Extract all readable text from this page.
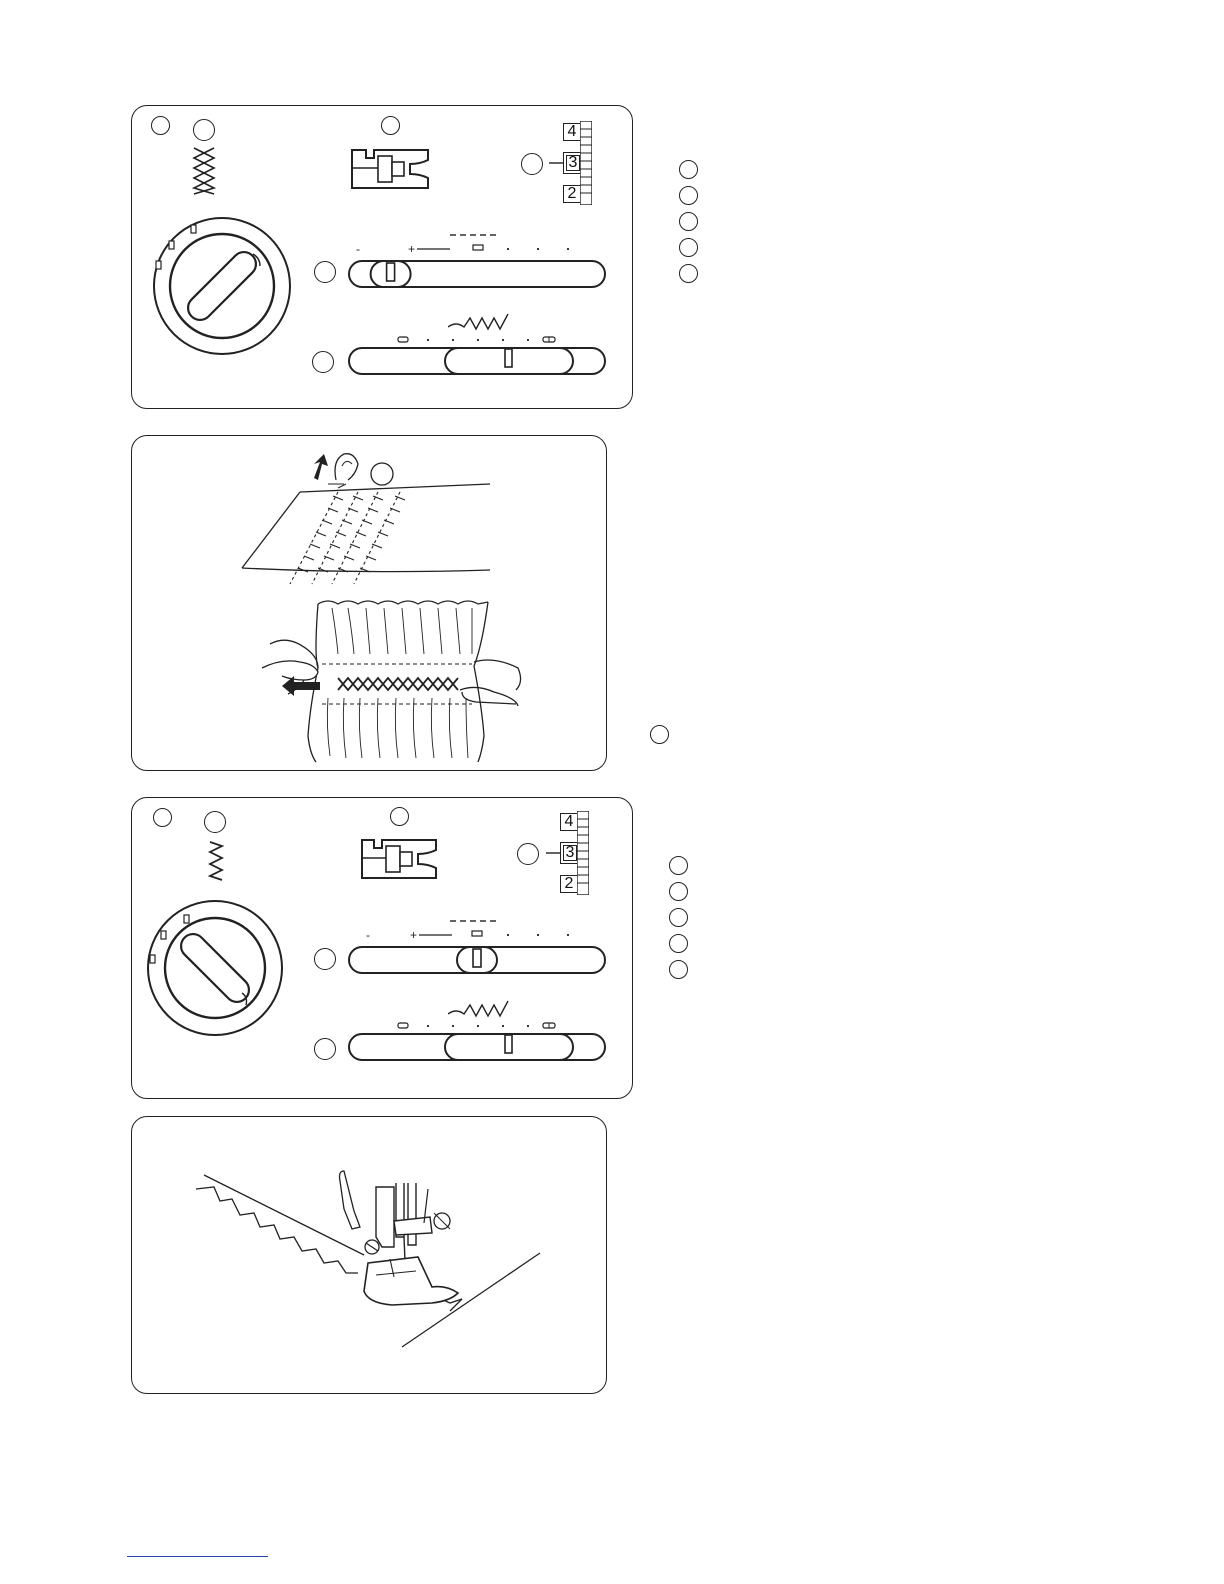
4
3
2
-	+
4
3
2
-	+
